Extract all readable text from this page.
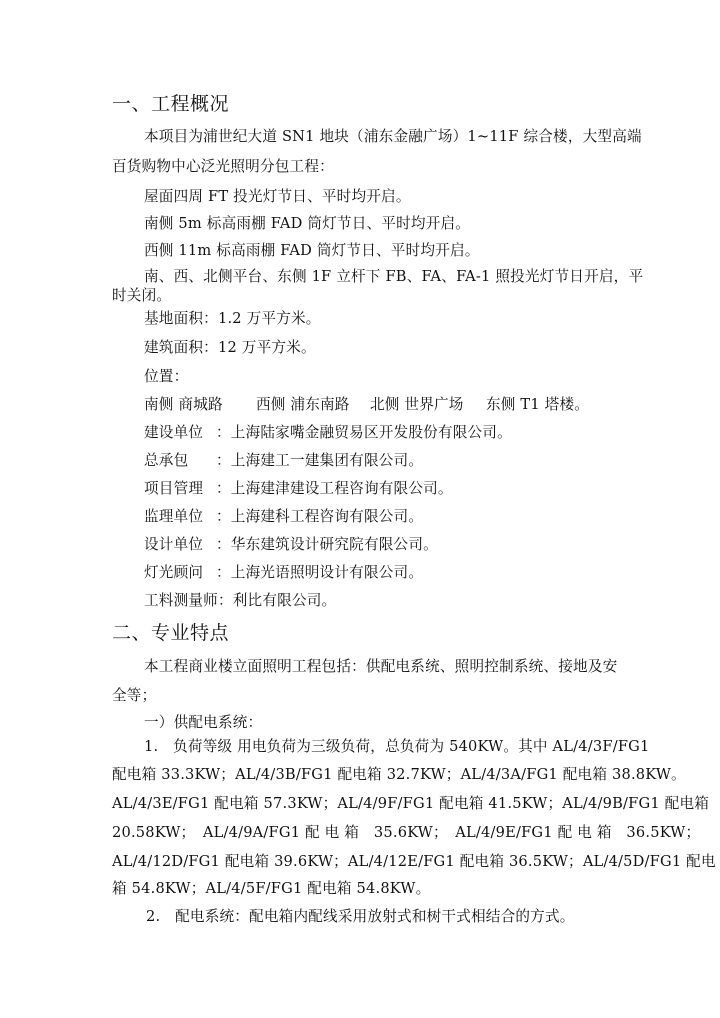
一、工程概况
本项目为浦世纪大道 SN1 地块（浦东金融广场）1~11F 综合楼，大型高端
百货购物中心泛光照明分包工程：
屋面四周 FT 投光灯节日、平时均开启。
南侧 5m 标高雨棚 FAD 筒灯节日、平时均开启。
西侧 11m 标高雨棚 FAD 筒灯节日、平时均开启。
南、西、北侧平台、东侧 1F 立杆下 FB、FA、FA-1 照投光灯节日开启，平
时关闭。
基地面积：1.2 万平方米。
建筑面积：12 万平方米。
位置：
南侧 商城路 西侧 浦东南路 北侧 世界广场 东侧 T1 塔楼。
建设单位 ：上海陆家嘴金融贸易区开发股份有限公司。
总承包 ：上海建工一建集团有限公司。
项目管理 ：上海建津建设工程咨询有限公司。
监理单位 ：上海建科工程咨询有限公司。
设计单位 ：华东建筑设计研究院有限公司。
灯光顾问 ：上海光语照明设计有限公司。
工料测量师：利比有限公司。
二、专业特点
本工程商业楼立面照明工程包括：供配电系统、照明控制系统、接地及安
全等；
一）供配电系统：
1.　负荷等级 用电负荷为三级负荷，总负荷为 540KW。其中 AL/4/3F/FG1
配电箱 33.3KW；AL/4/3B/FG1 配电箱 32.7KW；AL/4/3A/FG1 配电箱 38.8KW。
AL/4/3E/FG1 配电箱 57.3KW；AL/4/9F/FG1 配电箱 41.5KW；AL/4/9B/FG1 配电箱
20.58KW；　AL/4/9A/FG1 配 电 箱　35.6KW；　AL/4/9E/FG1 配 电 箱　36.5KW；
AL/4/12D/FG1 配电箱 39.6KW；AL/4/12E/FG1 配电箱 36.5KW；AL/4/5D/FG1 配电
箱 54.8KW；AL/4/5F/FG1 配电箱 54.8KW。
2.　配电系统：配电箱内配线采用放射式和树干式相结合的方式。
